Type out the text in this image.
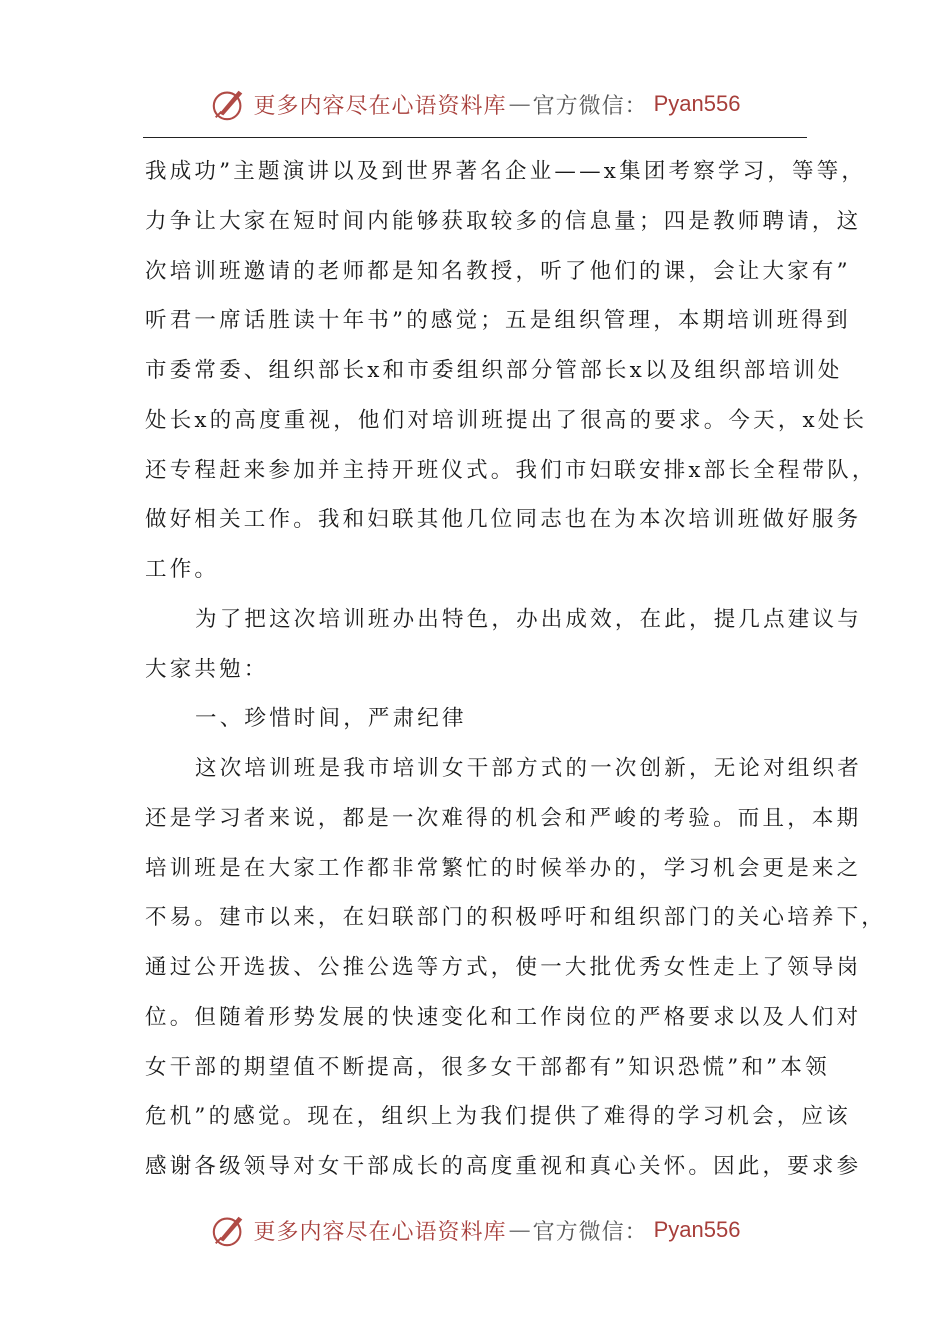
更多内容尽在心语资料库 — 官方微信： Pyan556
我成功”主题演讲以及到世界著名企业——x集团考察学习，等等，
力争让大家在短时间内能够获取较多的信息量；四是教师聘请，这
次培训班邀请的老师都是知名教授，听了他们的课，会让大家有”
听君一席话胜读十年书”的感觉；五是组织管理，本期培训班得到
市委常委、组织部长x和市委组织部分管部长x以及组织部培训处
处长x的高度重视，他们对培训班提出了很高的要求。今天，x处长
还专程赶来参加并主持开班仪式。我们市妇联安排x部长全程带队，
做好相关工作。我和妇联其他几位同志也在为本次培训班做好服务
工作。
为了把这次培训班办出特色，办出成效，在此，提几点建议与
大家共勉：
一、珍惜时间，严肃纪律
这次培训班是我市培训女干部方式的一次创新，无论对组织者
还是学习者来说，都是一次难得的机会和严峻的考验。而且，本期
培训班是在大家工作都非常繁忙的时候举办的，学习机会更是来之
不易。建市以来，在妇联部门的积极呼吁和组织部门的关心培养下，
通过公开选拔、公推公选等方式，使一大批优秀女性走上了领导岗
位。但随着形势发展的快速变化和工作岗位的严格要求以及人们对
女干部的期望值不断提高，很多女干部都有”知识恐慌”和”本领
危机”的感觉。现在，组织上为我们提供了难得的学习机会，应该
感谢各级领导对女干部成长的高度重视和真心关怀。因此，要求参
更多内容尽在心语资料库 — 官方微信： Pyan556
